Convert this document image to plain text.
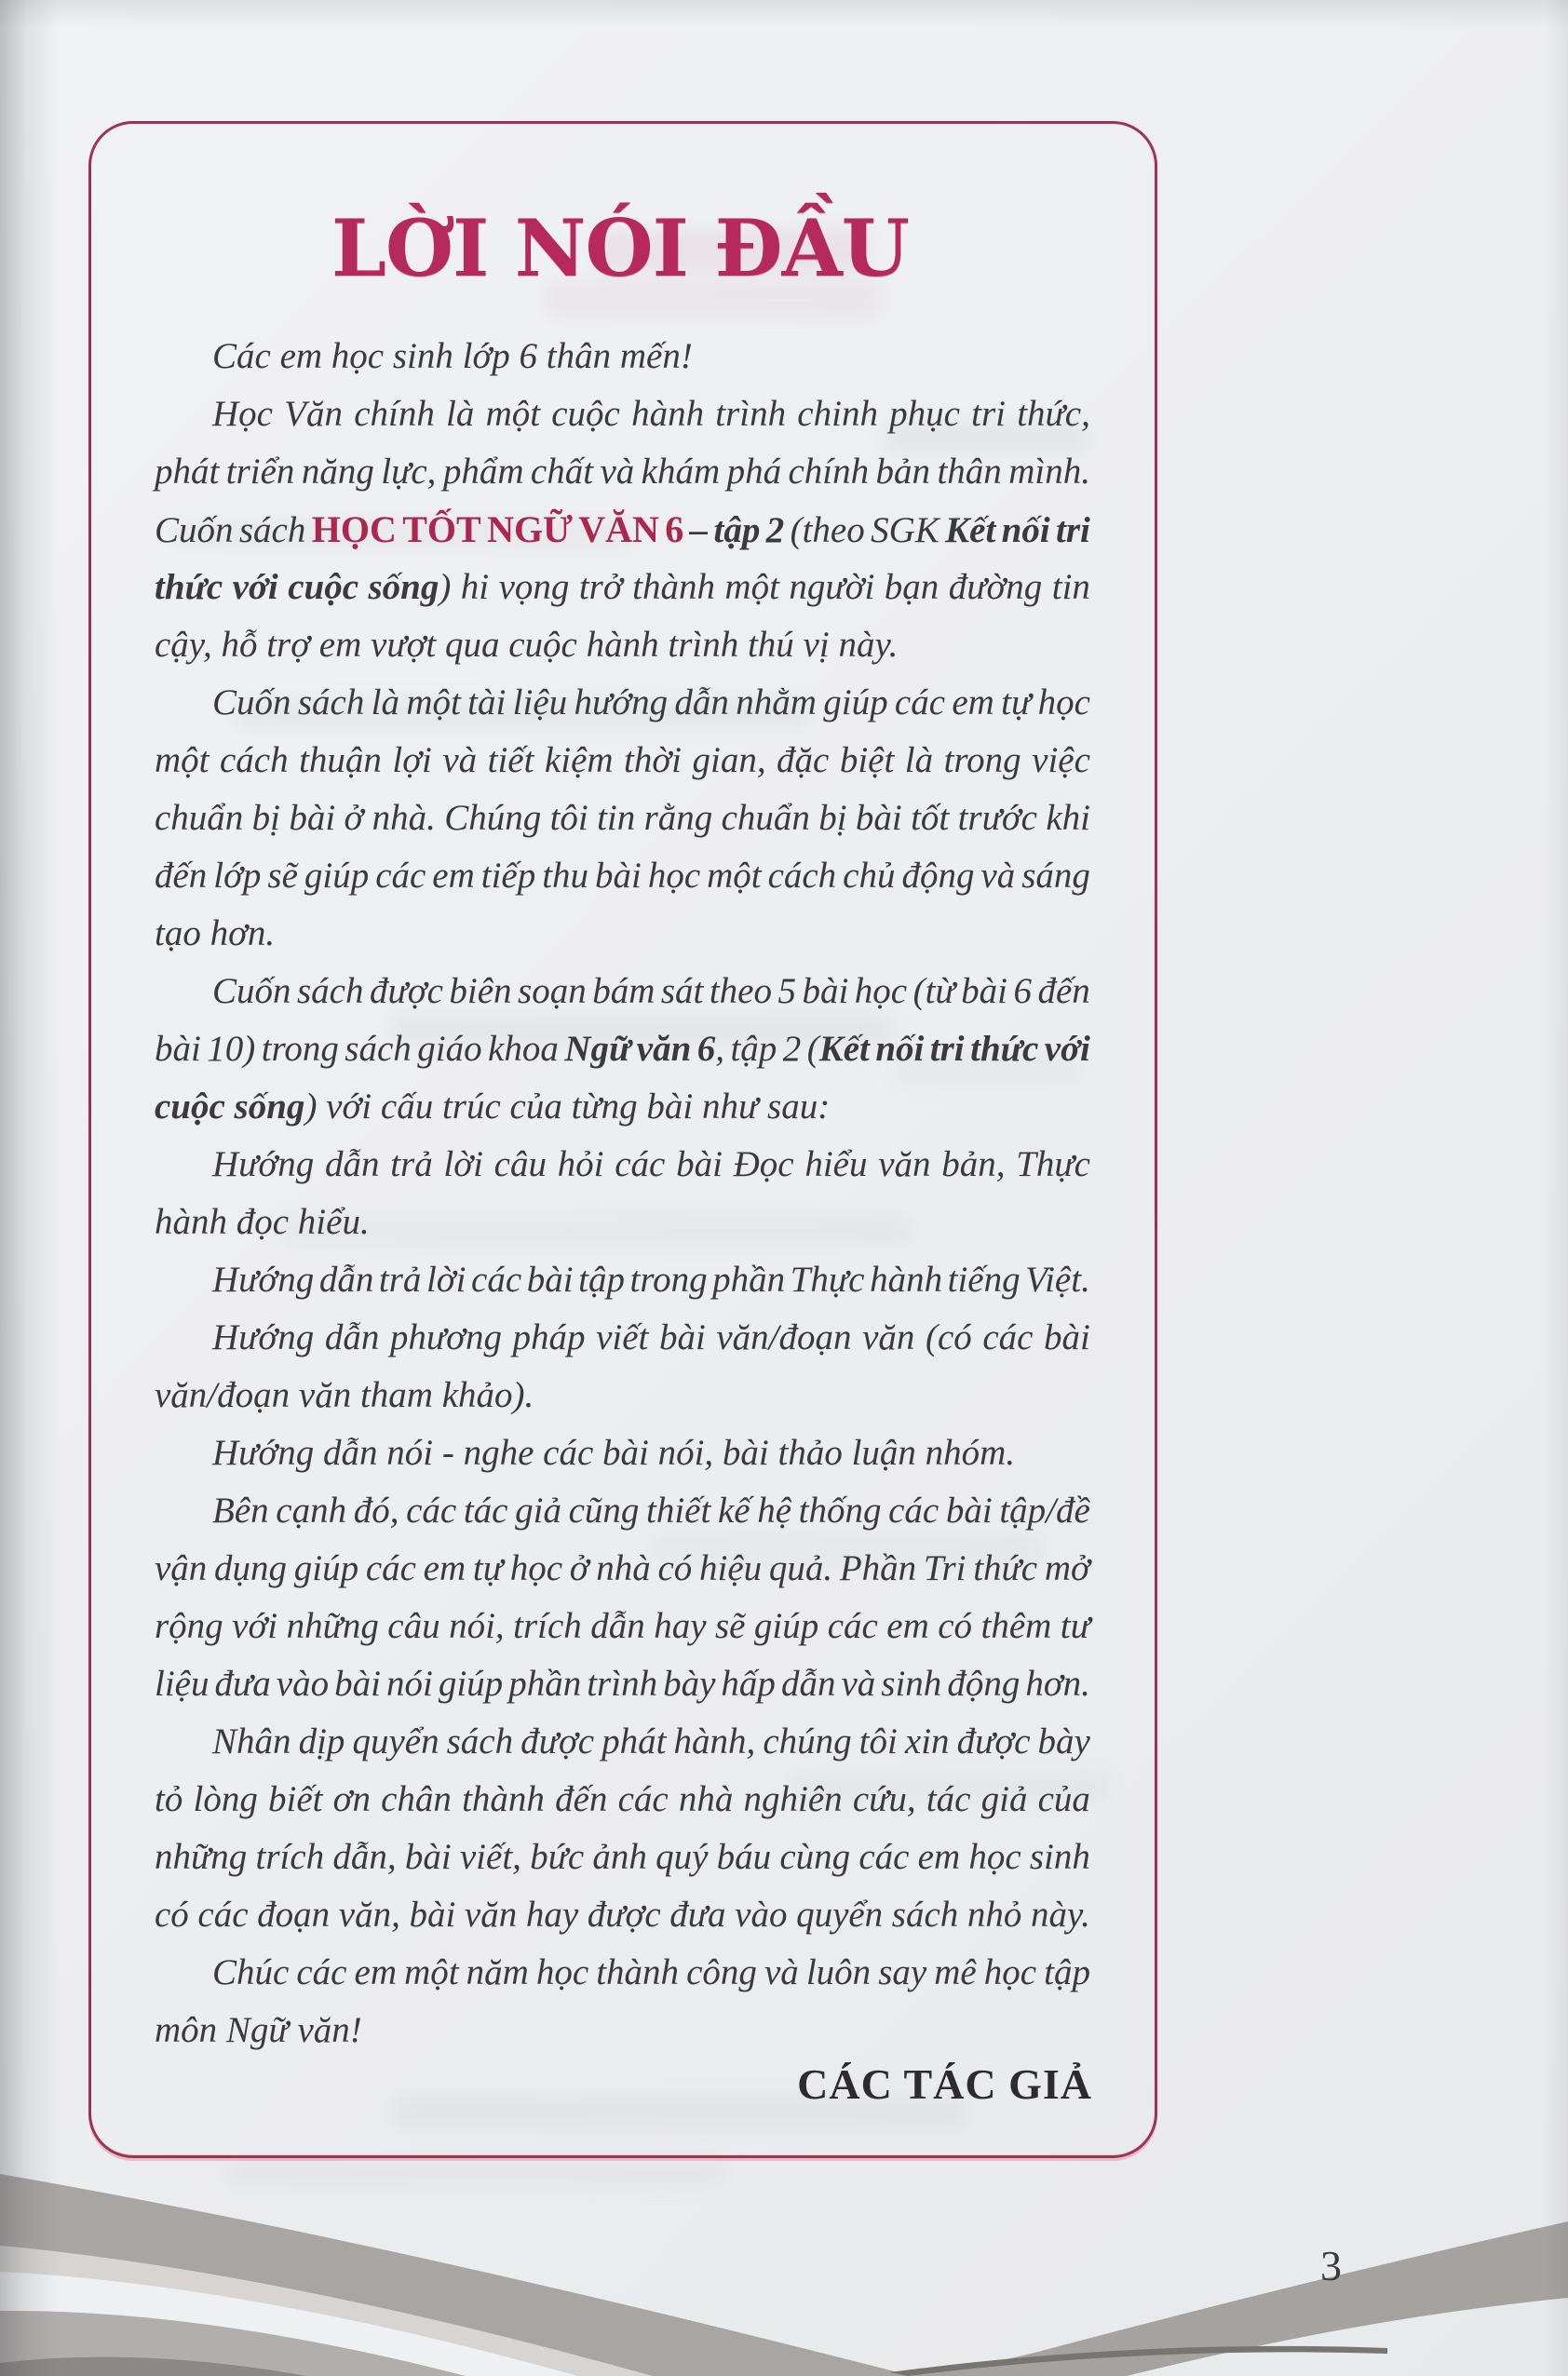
LỜI NÓI ĐẦU
Các em học sinh lớp 6 thân mến!
Học Văn chính là một cuộc hành trình chinh phục tri thức,
phát triển năng lực, phẩm chất và khám phá chính bản thân mình.
Cuốn sách HỌC TỐT NGỮ VĂN 6 – tập 2 (theo SGK Kết nối tri
thức với cuộc sống) hi vọng trở thành một người bạn đường tin
cậy, hỗ trợ em vượt qua cuộc hành trình thú vị này.
Cuốn sách là một tài liệu hướng dẫn nhằm giúp các em tự học
một cách thuận lợi và tiết kiệm thời gian, đặc biệt là trong việc
chuẩn bị bài ở nhà. Chúng tôi tin rằng chuẩn bị bài tốt trước khi
đến lớp sẽ giúp các em tiếp thu bài học một cách chủ động và sáng
tạo hơn.
Cuốn sách được biên soạn bám sát theo 5 bài học (từ bài 6 đến
bài 10) trong sách giáo khoa Ngữ văn 6, tập 2 (Kết nối tri thức với
cuộc sống) với cấu trúc của từng bài như sau:
Hướng dẫn trả lời câu hỏi các bài Đọc hiểu văn bản, Thực
hành đọc hiểu.
Hướng dẫn trả lời các bài tập trong phần Thực hành tiếng Việt.
Hướng dẫn phương pháp viết bài văn/đoạn văn (có các bài
văn/đoạn văn tham khảo).
Hướng dẫn nói - nghe các bài nói, bài thảo luận nhóm.
Bên cạnh đó, các tác giả cũng thiết kế hệ thống các bài tập/đề
vận dụng giúp các em tự học ở nhà có hiệu quả. Phần Tri thức mở
rộng với những câu nói, trích dẫn hay sẽ giúp các em có thêm tư
liệu đưa vào bài nói giúp phần trình bày hấp dẫn và sinh động hơn.
Nhân dịp quyển sách được phát hành, chúng tôi xin được bày
tỏ lòng biết ơn chân thành đến các nhà nghiên cứu, tác giả của
những trích dẫn, bài viết, bức ảnh quý báu cùng các em học sinh
có các đoạn văn, bài văn hay được đưa vào quyển sách nhỏ này.
Chúc các em một năm học thành công và luôn say mê học tập
môn Ngữ văn!
CÁC TÁC GIẢ
3
